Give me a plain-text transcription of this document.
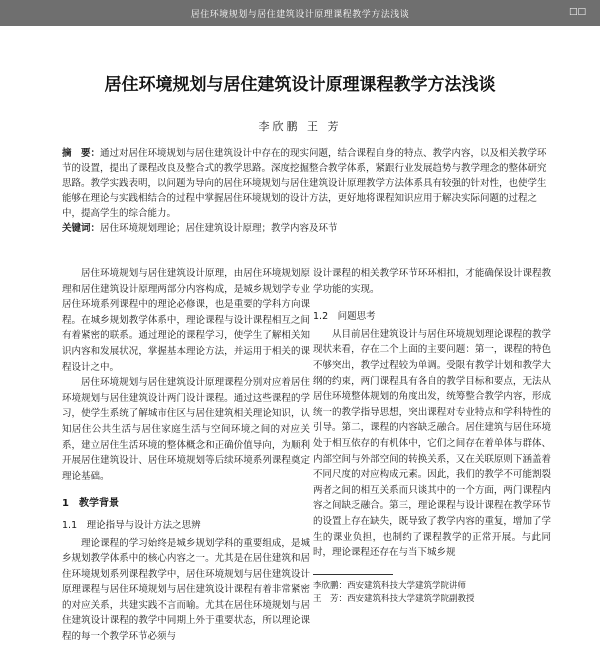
居住环境规划与居住建筑设计原理课程教学方法浅谈	□□
居住环境规划与居住建筑设计原理课程教学方法浅谈
李欣鹏 王 芳

摘　要：通过对居住环境规划与居住建筑设计中存在的现实问题，结合课程自身的特点、教学内容，以及相关教学环节的设置，提出了课程改良及整合式的教学思路。深度挖掘整合教学体系，紧跟行业发展趋势与教学理念的整体研究思路。教学实践表明，以问题为导向的居住环境规划与居住建筑设计原理教学方法体系具有较强的针对性，也使学生能够在理论与实践相结合的过程中掌握居住环境规划的设计方法，更好地将课程知识应用于解决实际问题的过程之中，提高学生的综合能力。

关键词：居住环境规划理论；居住建筑设计原理；教学内容及环节

居住环境规划与居住建筑设计原理，由居住环境规划原理和居住建筑设计原理两部分内容构成，是城乡规划学专业居住环境系列课程中的理论必修课，也是重要的学科方向课程。在城乡规划教学体系中，理论课程与设计课程相互之间有着紧密的联系。通过理论的课程学习，使学生了解相关知识内容和发展状况，掌握基本理论方法，并运用于相关的课程设计之中。

居住环境规划与居住建筑设计原理课程分别对应着居住环境规划与居住建筑设计两门设计课程。通过这些课程的学习，使学生系统了解城市住区与居住建筑相关理论知识，认知居住公共生活与居住家庭生活与空间环境之间的对应关系，建立居住生活环境的整体概念和正确价值导向，为顺利开展居住建筑设计、居住环境规划等后续环境系列课程奠定理论基础。

1　教学背景
1.1　理论指导与设计方法之思辨

理论课程的学习始终是城乡规划学科的重要组成，是城乡规划教学体系中的核心内容之一。尤其是在居住建筑和居住环境规划系列课程教学中，居住环境规划与居住建筑设计原理课程与居住环境规划与居住建筑设计课程有着非常紧密的对应关系，共建实践不言而喻。尤其在居住环境规划与居住建筑设计课程的教学中同期上外于重要状态，所以理论课程的每一个教学环节必须与

设计课程的相关教学环节环环相扣，才能确保设计课程教学功能的实现。

1.2　问题思考

从目前居住建筑设计与居住环境规划理论课程的教学现状来看，存在二个上面的主要问题：第一，课程的特色不够突出，教学过程较为单调。受限有教学计划和教学大纲的约束，两门课程具有各自的教学目标和要点，无法从居住环境整体规划的角度出发，统筹整合教学内容，形成统一的教学指导思想，突出课程对专业特点和学科特性的引导。第二，课程的内容缺乏融合。居住建筑与居住环境处于相互依存的有机体中，它们之间存在着单体与群体、内部空间与外部空间的转换关系，又在关联原则下涵盖着不同尺度的对应构成元素。因此，我们的教学不可能割裂两者之间的相互关系而只谈其中的一个方面，两门课程内容之间缺乏融合。第三，理论课程与设计课程在教学环节的设置上存在缺失，既导致了教学内容的重复，增加了学生的课业负担，也制约了课程教学的正常开展。与此同时，理论课程还存在与当下城乡规

李欣鹏：西安建筑科技大学建筑学院讲师
王　芳：西安建筑科技大学建筑学院副教授
